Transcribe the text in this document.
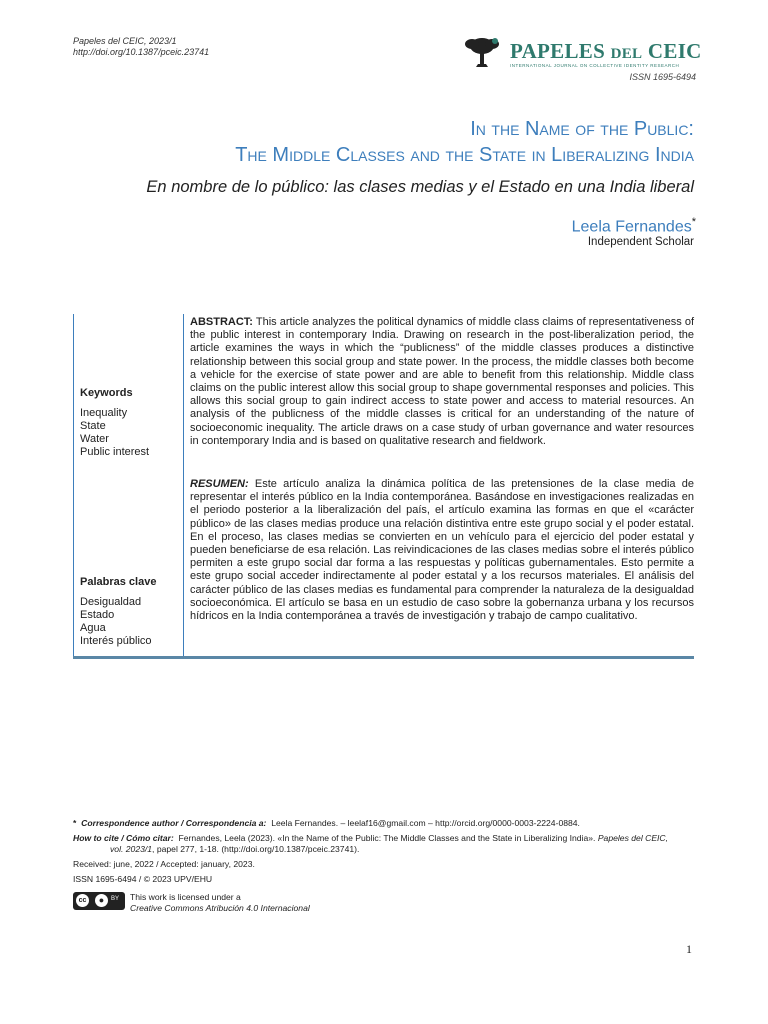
Papeles del CEIC, 2023/1
http://doi.org/10.1387/pceic.23741	PAPELES DEL CEIC
INTERNATIONAL JOURNAL ON COLLECTIVE IDENTITY RESEARCH
ISSN 1695-6494
In the Name of the Public:
The Middle Classes and the State in Liberalizing India
En nombre de lo público: las clases medias y el Estado en una India liberal
Leela Fernandes*
Independent Scholar
Keywords
Inequality
State
Water
Public interest
Palabras clave
Desigualdad
Estado
Agua
Interés público
ABSTRACT: This article analyzes the political dynamics of middle class claims of representativeness of the public interest in contemporary India. Drawing on research in the post-liberalization period, the article examines the ways in which the “publicness” of the middle classes produces a distinctive relationship between this social group and state power. In the process, the middle classes both become a vehicle for the exercise of state power and are able to benefit from this relationship. Middle class claims on the public interest allow this social group to shape governmental responses and policies. This allows this social group to gain indirect access to state power and access to material resources. An analysis of the publicness of the middle classes is critical for an understanding of the nature of socioeconomic inequality. The article draws on a case study of urban governance and water resources in contemporary India and is based on qualitative research and fieldwork.
RESUMEN: Este artículo analiza la dinámica política de las pretensiones de la clase media de representar el interés público en la India contemporánea. Basándose en investigaciones realizadas en el periodo posterior a la liberalización del país, el artículo examina las formas en que el «carácter público» de las clases medias produce una relación distintiva entre este grupo social y el poder estatal. En el proceso, las clases medias se convierten en un vehículo para el ejercicio del poder estatal y pueden beneficiarse de esa relación. Las reivindicaciones de las clases medias sobre el interés público permiten a este grupo social dar forma a las respuestas y políticas gubernamentales. Esto permite a este grupo social acceder indirectamente al poder estatal y a los recursos materiales. El análisis del carácter público de las clases medias es fundamental para comprender la naturaleza de la desigualdad socioeconómica. El artículo se basa en un estudio de caso sobre la gobernanza urbana y los recursos hídricos en la India contemporánea a través de investigación y trabajo de campo cualitativo.
* Correspondence author / Correspondencia a: Leela Fernandes. – leelaf16@gmail.com – http://orcid.org/0000-0003-2224-0884.
How to cite / Cómo citar: Fernandes, Leela (2023). «In the Name of the Public: The Middle Classes and the State in Liberalizing India». Papeles del CEIC,
vol. 2023/1, papel 277, 1-18. (http://doi.org/10.1387/pceic.23741).
Received: june, 2022 / Accepted: january, 2023.
ISSN 1695-6494 / © 2023 UPV/EHU
cc	●	BY This work is licensed under a
Creative Commons Atribución 4.0 Internacional
1
